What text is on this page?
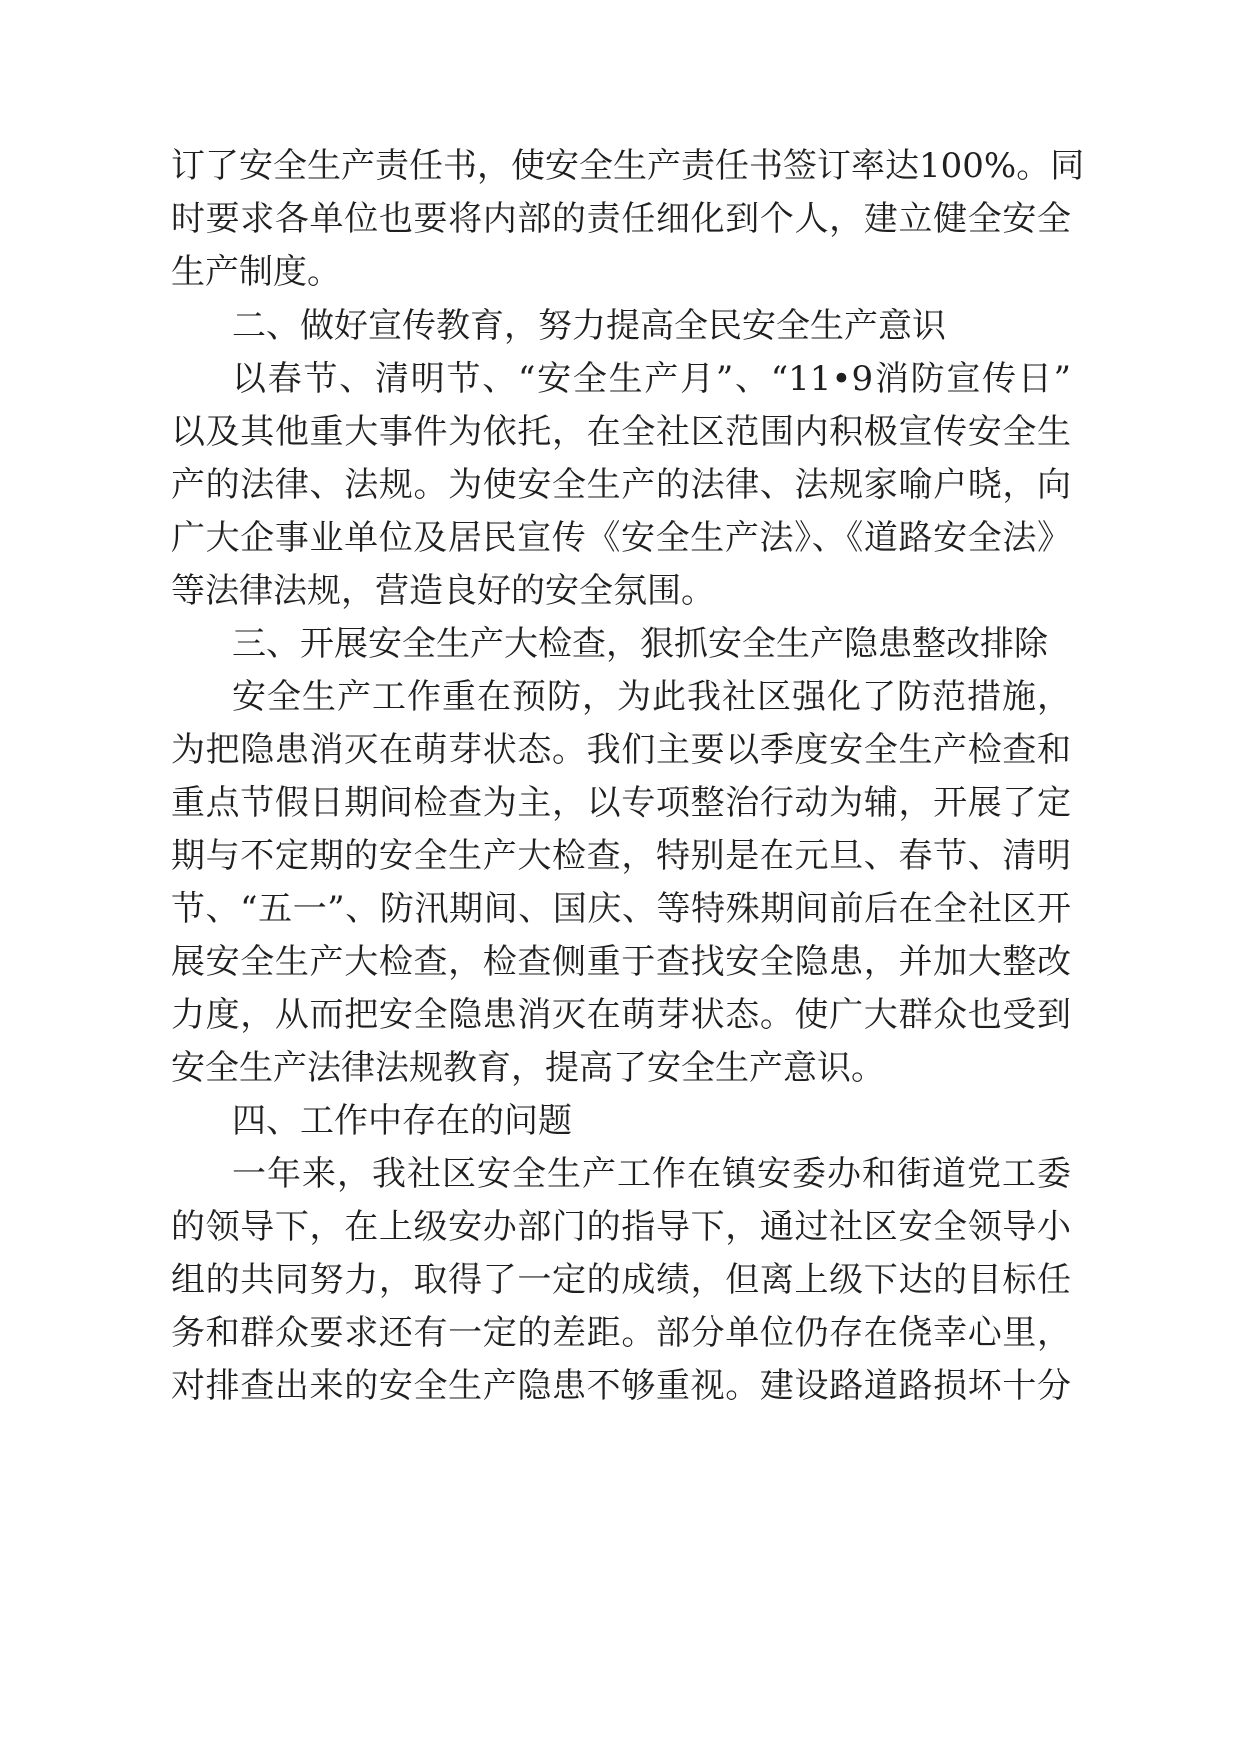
订了安全生产责任书，使安全生产责任书签订率达100%。同
时要求各单位也要将内部的责任细化到个人，建立健全安全
生产制度。
二、做好宣传教育，努力提高全民安全生产意识
以春节、清明节、“安全生产月”、“11•9消防宣传日”
以及其他重大事件为依托，在全社区范围内积极宣传安全生
产的法律、法规。为使安全生产的法律、法规家喻户晓，向
广大企事业单位及居民宣传《安全生产法》、《道路安全法》
等法律法规，营造良好的安全氛围。
三、开展安全生产大检查，狠抓安全生产隐患整改排除
安全生产工作重在预防，为此我社区强化了防范措施，
为把隐患消灭在萌芽状态。我们主要以季度安全生产检查和
重点节假日期间检查为主，以专项整治行动为辅，开展了定
期与不定期的安全生产大检查，特别是在元旦、春节、清明
节、“五一”、防汛期间、国庆、等特殊期间前后在全社区开
展安全生产大检查，检查侧重于查找安全隐患，并加大整改
力度，从而把安全隐患消灭在萌芽状态。使广大群众也受到
安全生产法律法规教育，提高了安全生产意识。
四、工作中存在的问题
一年来，我社区安全生产工作在镇安委办和街道党工委
的领导下，在上级安办部门的指导下，通过社区安全领导小
组的共同努力，取得了一定的成绩，但离上级下达的目标任
务和群众要求还有一定的差距。部分单位仍存在侥幸心里，
对排查出来的安全生产隐患不够重视。建设路道路损坏十分
